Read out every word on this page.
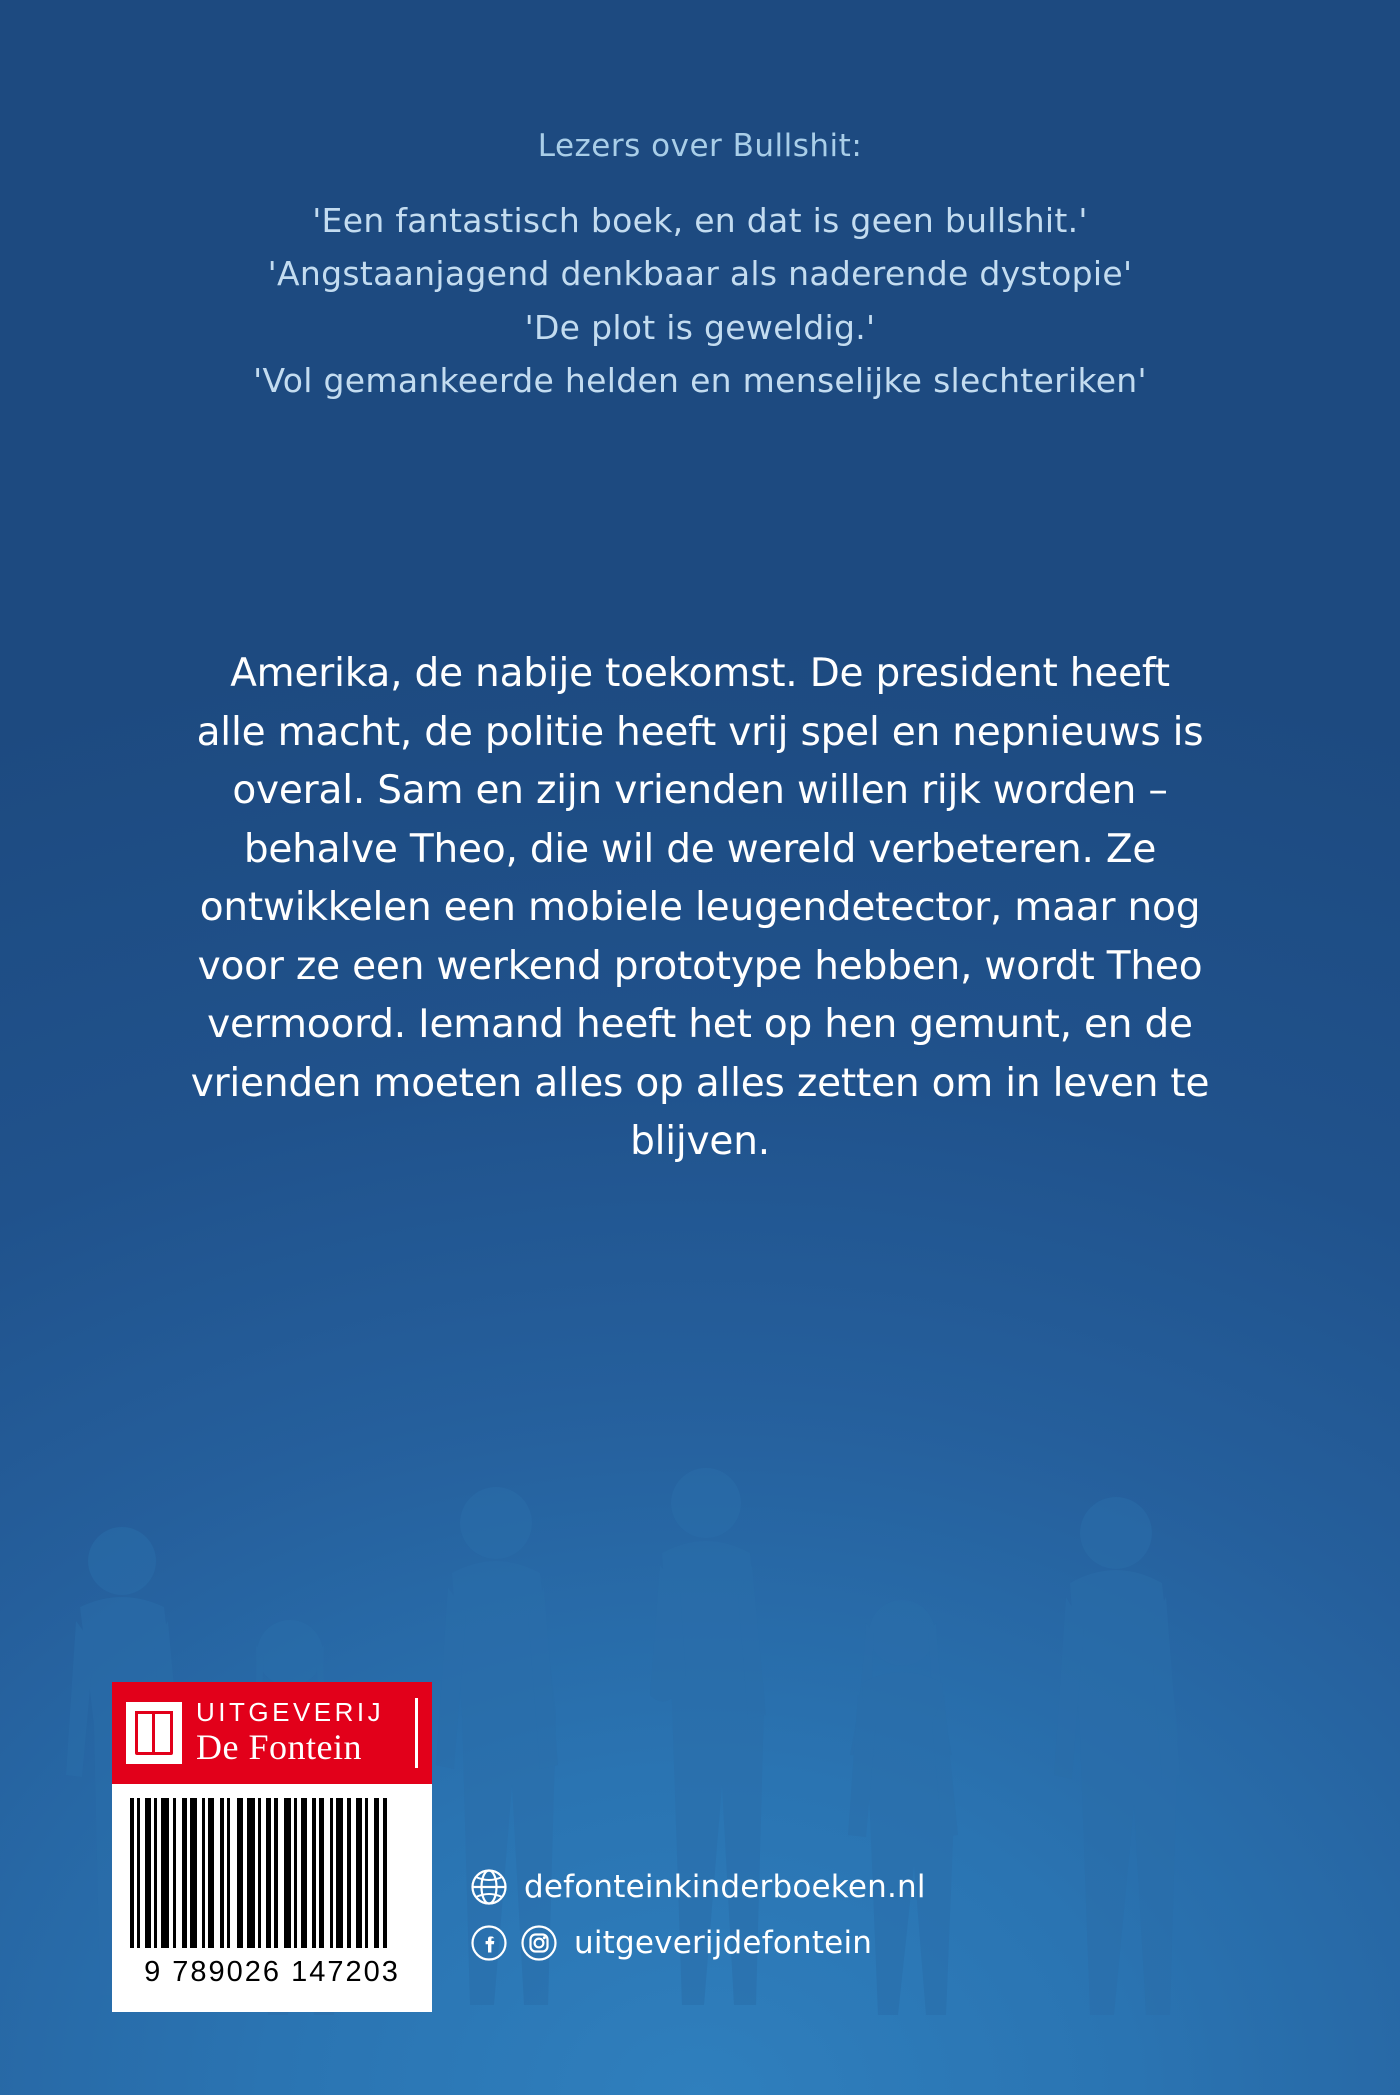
Lezers over Bullshit:
'Een fantastisch boek, en dat is geen bullshit.'
'Angstaanjagend denkbaar als naderende dystopie'
'De plot is geweldig.'
'Vol gemankeerde helden en menselijke slechteriken'
Amerika, de nabije toekomst. De president heeft alle macht, de politie heeft vrij spel en nepnieuws is overal. Sam en zijn vrienden willen rijk worden – behalve Theo, die wil de wereld verbeteren. Ze ontwikkelen een mobiele leugendetector, maar nog voor ze een werkend prototype hebben, wordt Theo vermoord. Iemand heeft het op hen gemunt, en de vrienden moeten alles op alles zetten om in leven te blijven.
UITGEVERIJ
De Fontein
9 789026 147203
defonteinkinderboeken.nl
uitgeverijdefontein
